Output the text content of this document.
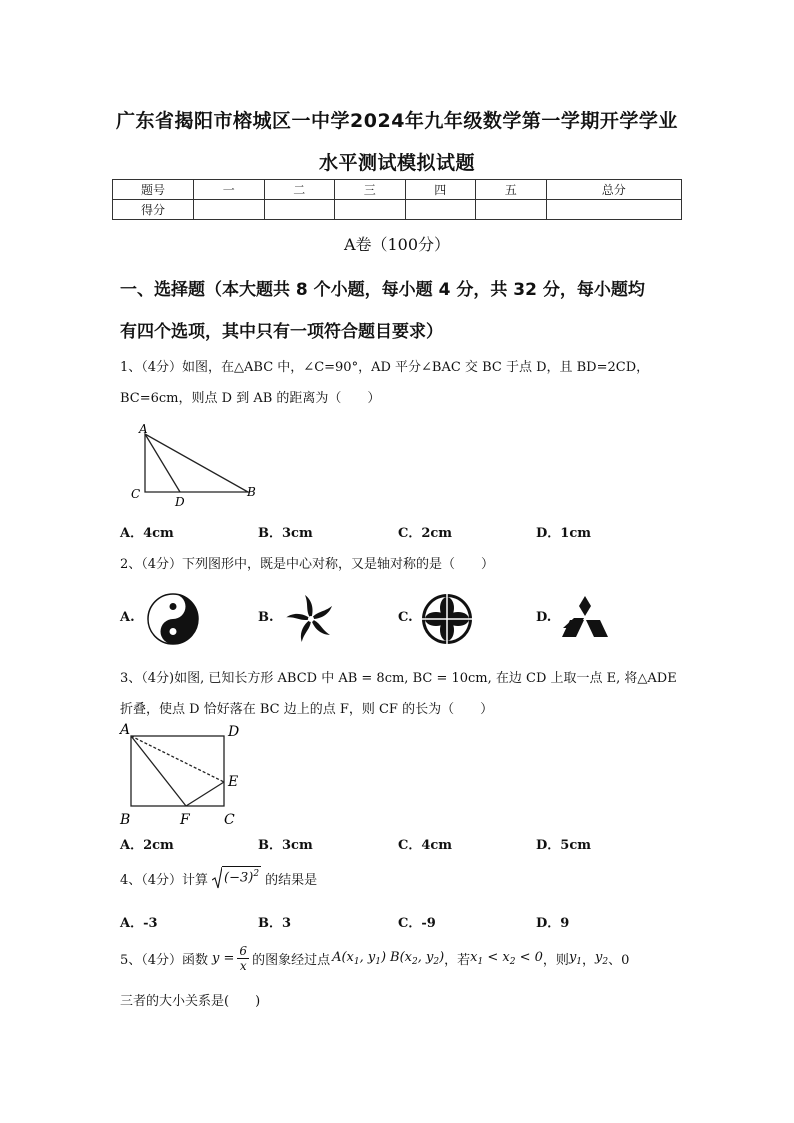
广东省揭阳市榕城区一中学2024年九年级数学第一学期开学学业
水平测试模拟试题
题号	一	二	三	四	五	总分
得分						
A卷（100分）
一、选择题（本大题共 8 个小题，每小题 4 分，共 32 分，每小题均
有四个选项，其中只有一项符合题目要求）
1、（4分）如图，在△ABC 中，∠C=90°，AD 平分∠BAC 交 BC 于点 D，且 BD=2CD，
BC=6cm，则点 D 到 AB 的距离为（　　）
A
C
D
B
A．4cm	B．3cm	C．2cm	D．1cm
2、（4分）下列图形中，既是中心对称，又是轴对称的是（　　）
A.	B.	C.	D.
3、（4分)如图, 已知长方形 ABCD 中 AB = 8cm, BC = 10cm, 在边 CD 上取一点 E, 将△ADE
折叠，使点 D 恰好落在 BC 边上的点 F，则 CF 的长为（　　）
A	D
E
B	F C
A．2cm	B．3cm	C．4cm	D．5cm
4、（4分）计算 $(-3)^2$ 的结果是
A．-3	B．3	C．-9	D．9
5、（4分）函数 $y = \frac{6}{x}$ 的图象经过点 $A(x_1$, $y_1$) $B(x_2$, $y_2$) ，若 $x_1 < x_2 < 0$ ，则 $y_1$ ， $y_2$ 、0
三者的大小关系是(　　)
